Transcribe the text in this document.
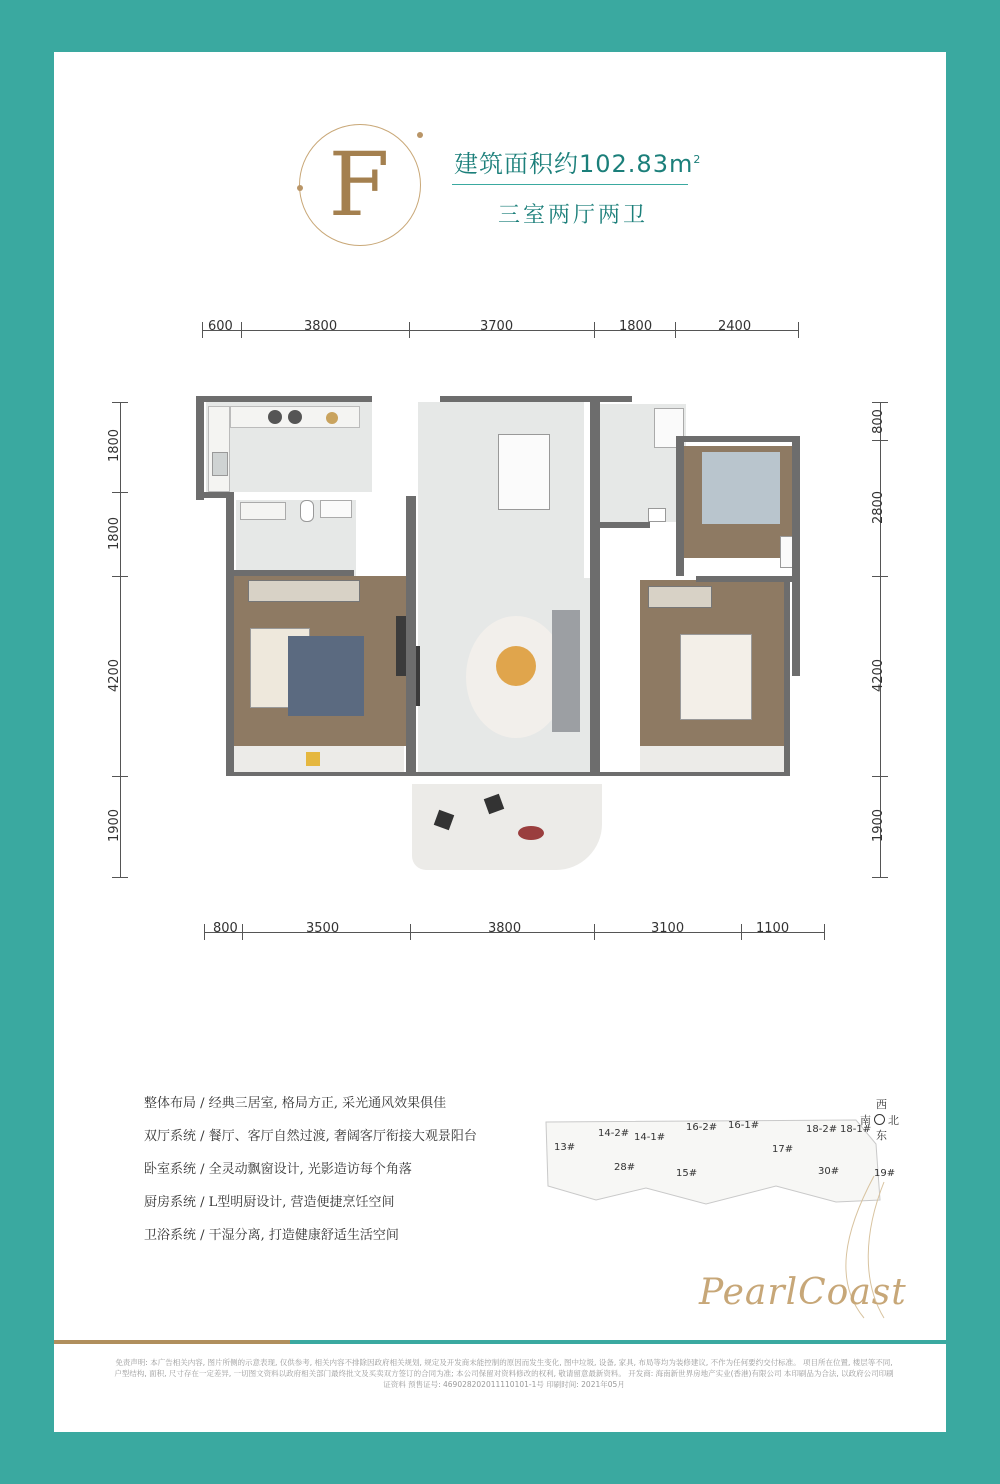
F	建筑面积约$102.83m^2$
三室两厅两卫
600	3800	3700	1800	2400
800	3500	3800	3100	1100
1800
1800
4200
1900
800
2800
4200
1900
整体布局 / 经典三居室, 格局方正, 采光通风效果俱佳
双厅系统 / 餐厅、客厅自然过渡, 奢阔客厅衔接大观景阳台
卧室系统 / 全灵动飘窗设计, 光影造访每个角落
厨房系统 / L型明厨设计, 营造便捷烹饪空间
卫浴系统 / 干湿分离, 打造健康舒适生活空间
13#
14-2# 14-1#
28#
16-2# 16-1#
15#
17#
18-2# 18-1#
30#	19#
西
南 北
东
PearlCoast
免责声明: 本广告相关内容, 图片所侧的示意表现, 仅供参考, 相关内容不排除因政府相关规划, 规定及开发商未能控制的原因而发生变化, 图中垃圾, 设备, 家具, 布局等均为装修建议, 不作为任何要约交付标准。 项目所在位置, 楼层等不同, 户型结构, 面积, 尺寸存在一定差异, 一切图文资料以政府相关部门最终批文及买卖双方签订的合同为准; 本公司保留对资料修改的权利, 敬请留意最新资料。 开发商: 海南新世界房地产实业(香港)有限公司 本印刷品为合法, 以政府公司印刷证资料 预售证号: 469028202011110101-1号 印刷时间: 2021年05月
